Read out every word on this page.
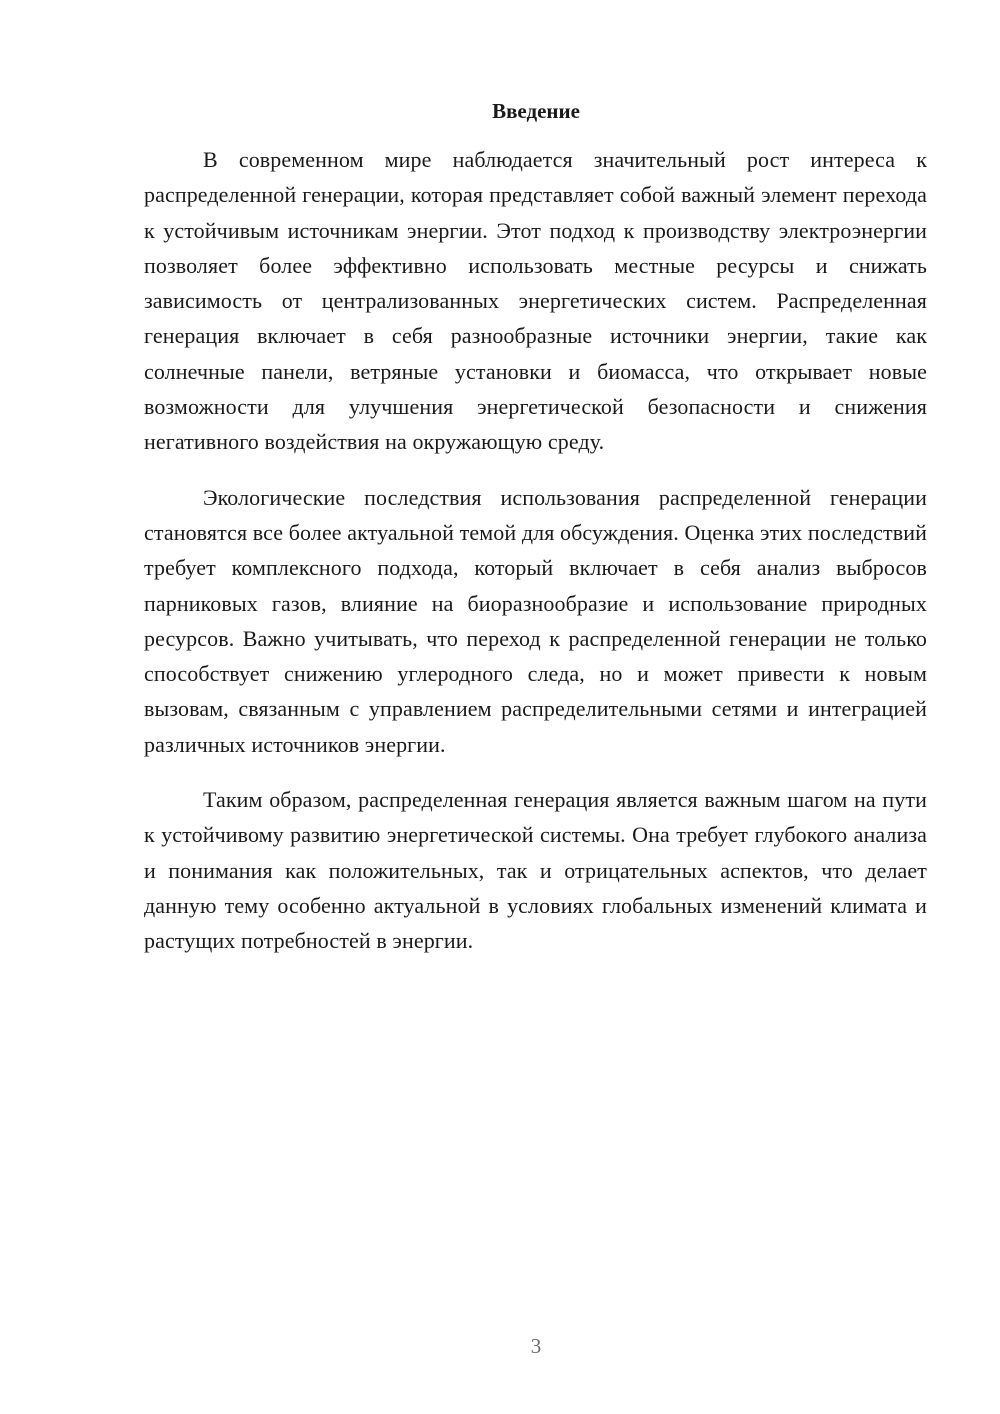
Введение

В современном мире наблюдается значительный рост интереса к распределенной генерации, которая представляет собой важный элемент перехода к устойчивым источникам энергии. Этот подход к производству электроэнергии позволяет более эффективно использовать местные ресурсы и снижать зависимость от централизованных энергетических систем. Распределенная генерация включает в себя разнообразные источники энергии, такие как солнечные панели, ветряные установки и биомасса, что открывает новые возможности для улучшения энергетической безопасности и снижения негативного воздействия на окружающую среду.

Экологические последствия использования распределенной генерации становятся все более актуальной темой для обсуждения. Оценка этих последствий требует комплексного подхода, который включает в себя анализ выбросов парниковых газов, влияние на биоразнообразие и использование природных ресурсов. Важно учитывать, что переход к распределенной генерации не только способствует снижению углеродного следа, но и может привести к новым вызовам, связанным с управлением распределительными сетями и интеграцией различных источников энергии.

Таким образом, распределенная генерация является важным шагом на пути к устойчивому развитию энергетической системы. Она требует глубокого анализа и понимания как положительных, так и отрицательных аспектов, что делает данную тему особенно актуальной в условиях глобальных изменений климата и растущих потребностей в энергии.

3
